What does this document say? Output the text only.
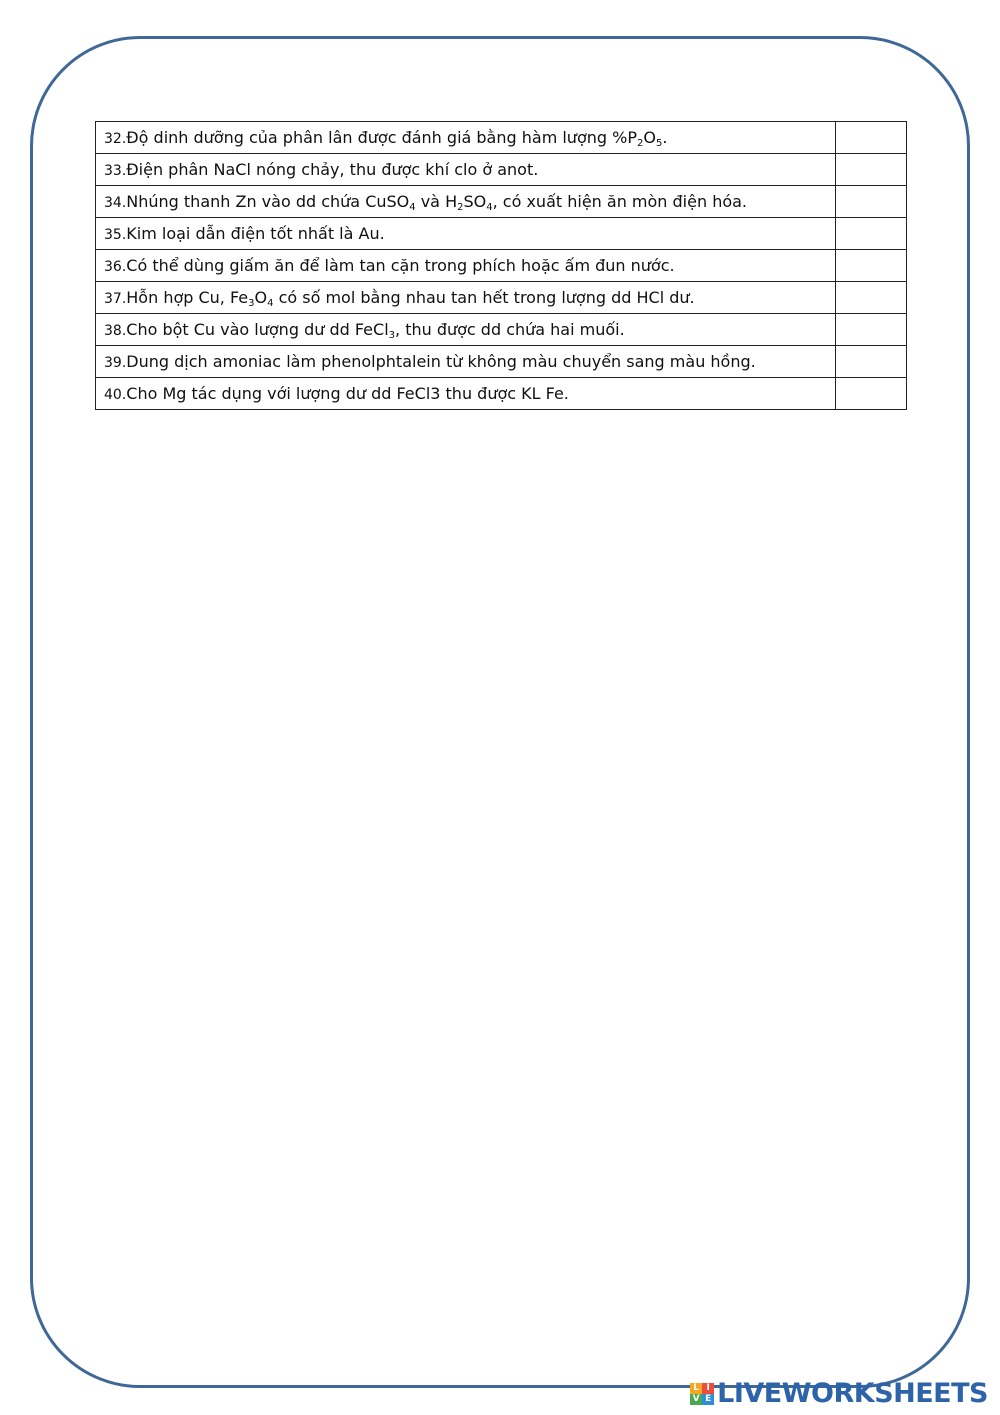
32.Độ dinh dưỡng của phân lân được đánh giá bằng hàm lượng $\%P_2O_5$.	
33.Điện phân NaCl nóng chảy, thu được khí clo ở anot.	
34.Nhúng thanh Zn vào dd chứa CuSO$_4$ và $H_2SO_4$, có xuất hiện ăn mòn điện hóa.	
35.Kim loại dẫn điện tốt nhất là Au.	
36.Có thể dùng giấm ăn để làm tan cặn trong phích hoặc ấm đun nước.	
37.Hỗn hợp Cu, $Fe_3O_4$ có số mol bằng nhau tan hết trong lượng dd HCl dư.	
38.Cho bột Cu vào lượng dư dd FeCl$_3$, thu được dd chứa hai muối.	
39.Dung dịch amoniac làm phenolphtalein từ không màu chuyển sang màu hồng.	
40.Cho Mg tác dụng với lượng dư dd FeCl3 thu được KL Fe.	
L I
V E LIVEWORKSHEETS
